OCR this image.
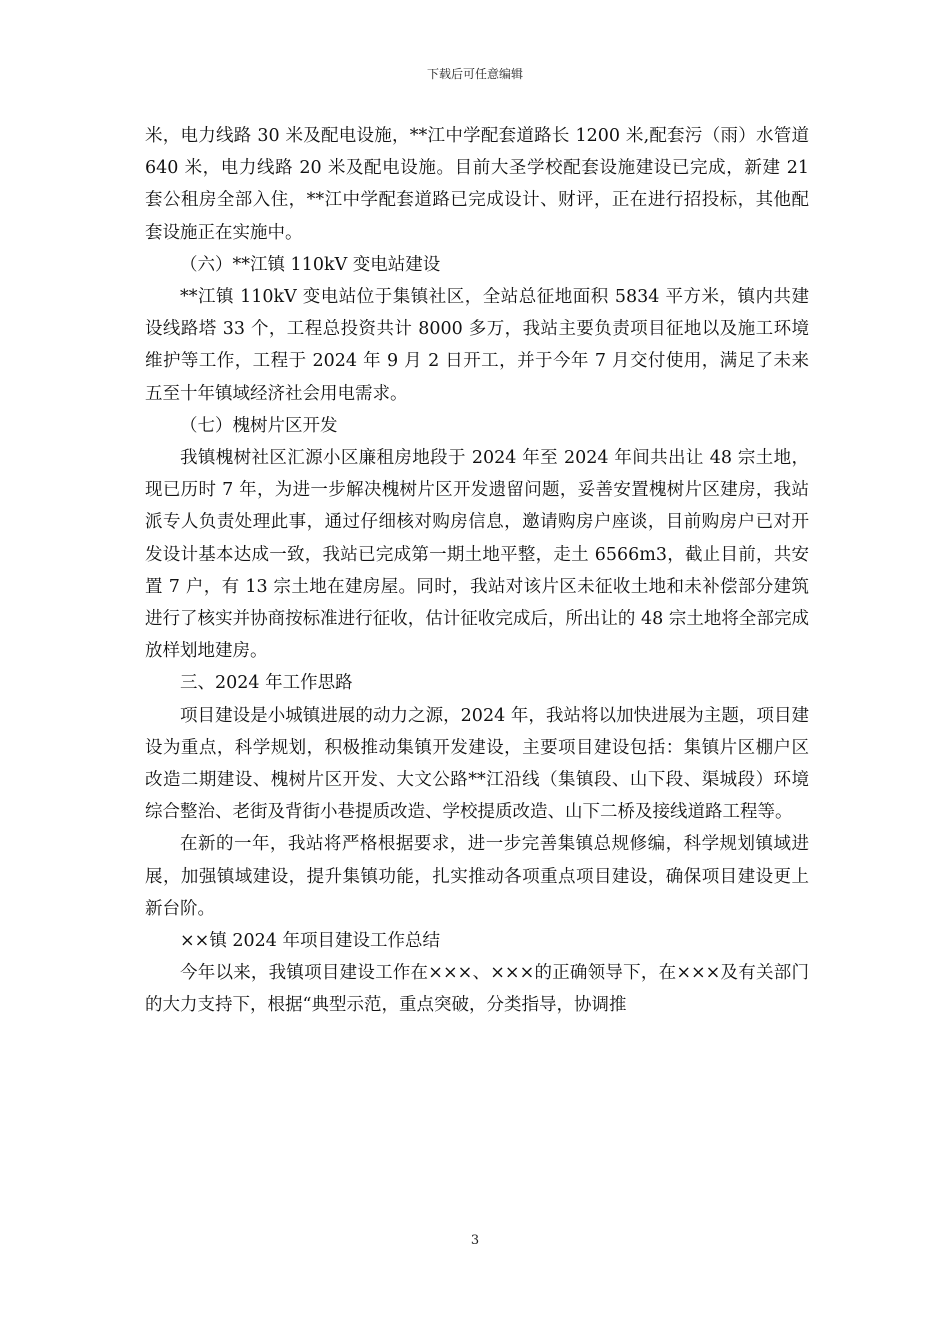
下载后可任意编辑

米，电力线路 30 米及配电设施，**江中学配套道路长 1200 米,配套污（雨）水管道 640 米，电力线路 20 米及配电设施。目前大圣学校配套设施建设已完成，新建 21 套公租房全部入住，**江中学配套道路已完成设计、财评，正在进行招投标，其他配套设施正在实施中。

（六）**江镇 110kV 变电站建设

**江镇 110kV 变电站位于集镇社区，全站总征地面积 5834 平方米，镇内共建设线路塔 33 个，工程总投资共计 8000 多万，我站主要负责项目征地以及施工环境维护等工作，工程于 2024 年 9 月 2 日开工，并于今年 7 月交付使用，满足了未来五至十年镇域经济社会用电需求。

（七）槐树片区开发

我镇槐树社区汇源小区廉租房地段于 2024 年至 2024 年间共出让 48 宗土地，现已历时 7 年，为进一步解决槐树片区开发遗留问题，妥善安置槐树片区建房，我站派专人负责处理此事，通过仔细核对购房信息，邀请购房户座谈，目前购房户已对开发设计基本达成一致，我站已完成第一期土地平整，走土 6566m3，截止目前，共安置 7 户，有 13 宗土地在建房屋。同时，我站对该片区未征收土地和未补偿部分建筑进行了核实并协商按标准进行征收，估计征收完成后，所出让的 48 宗土地将全部完成放样划地建房。

三、2024 年工作思路

项目建设是小城镇进展的动力之源，2024 年，我站将以加快进展为主题，项目建设为重点，科学规划，积极推动集镇开发建设，主要项目建设包括：集镇片区棚户区改造二期建设、槐树片区开发、大文公路**江沿线（集镇段、山下段、渠城段）环境综合整治、老街及背街小巷提质改造、学校提质改造、山下二桥及接线道路工程等。

在新的一年，我站将严格根据要求，进一步完善集镇总规修编，科学规划镇域进展，加强镇域建设，提升集镇功能，扎实推动各项重点项目建设，确保项目建设更上新台阶。

××镇 2024 年项目建设工作总结

今年以来，我镇项目建设工作在×××、×××的正确领导下，在×××及有关部门的大力支持下，根据“典型示范，重点突破，分类指导，协调推

3
